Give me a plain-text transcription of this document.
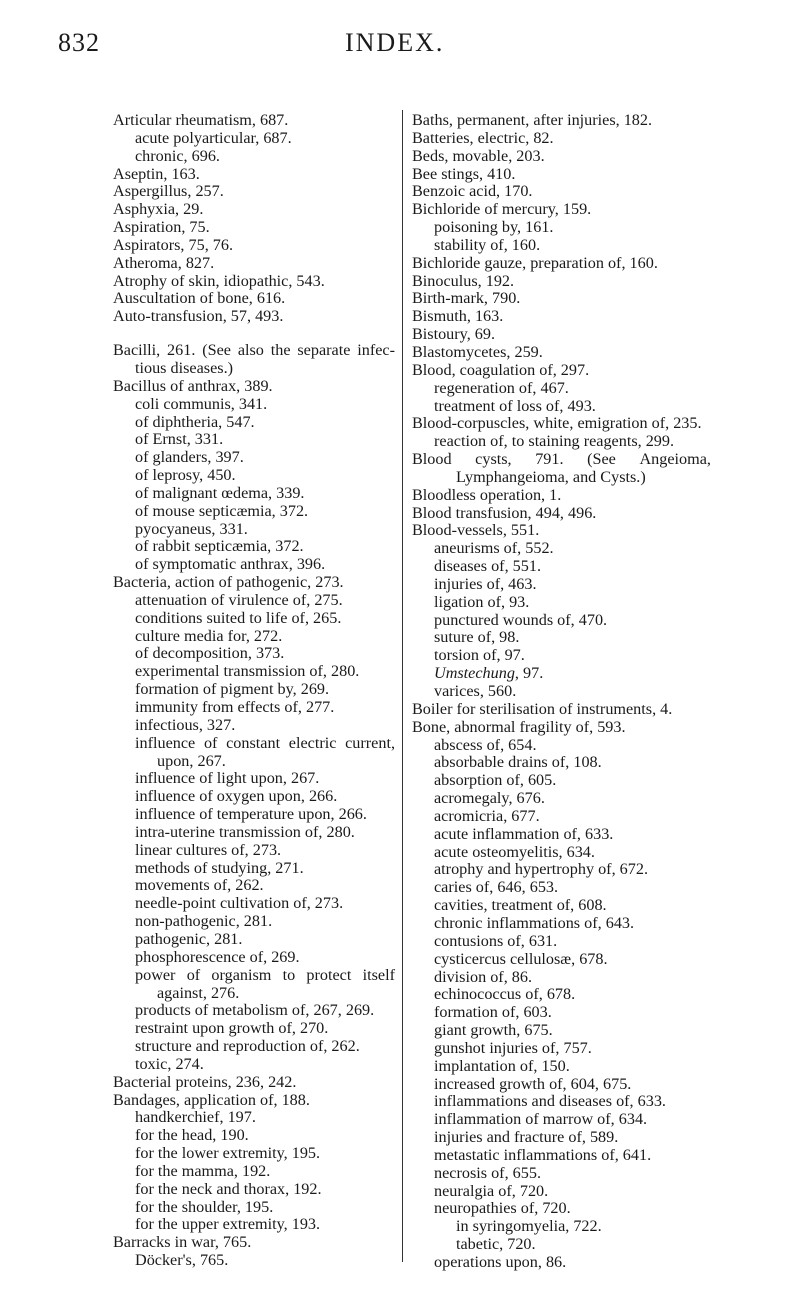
832	INDEX.
Articular rheumatism, 687.
acute polyarticular, 687.
chronic, 696.
Aseptin, 163.
Aspergillus, 257.
Asphyxia, 29.
Aspiration, 75.
Aspirators, 75, 76.
Atheroma, 827.
Atrophy of skin, idiopathic, 543.
Auscultation of bone, 616.
Auto-transfusion, 57, 493.
Bacilli, 261. (See also the separate infec-
tious diseases.)
Bacillus of anthrax, 389.
coli communis, 341.
of diphtheria, 547.
of Ernst, 331.
of glanders, 397.
of leprosy, 450.
of malignant œdema, 339.
of mouse septicæmia, 372.
pyocyaneus, 331.
of rabbit septicæmia, 372.
of symptomatic anthrax, 396.
Bacteria, action of pathogenic, 273.
attenuation of virulence of, 275.
conditions suited to life of, 265.
culture media for, 272.
of decomposition, 373.
experimental transmission of, 280.
formation of pigment by, 269.
immunity from effects of, 277.
infectious, 327.
influence of constant electric current,
upon, 267.
influence of light upon, 267.
influence of oxygen upon, 266.
influence of temperature upon, 266.
intra-uterine transmission of, 280.
linear cultures of, 273.
methods of studying, 271.
movements of, 262.
needle-point cultivation of, 273.
non-pathogenic, 281.
pathogenic, 281.
phosphorescence of, 269.
power of organism to protect itself
against, 276.
products of metabolism of, 267, 269.
restraint upon growth of, 270.
structure and reproduction of, 262.
toxic, 274.
Bacterial proteins, 236, 242.
Bandages, application of, 188.
handkerchief, 197.
for the head, 190.
for the lower extremity, 195.
for the mamma, 192.
for the neck and thorax, 192.
for the shoulder, 195.
for the upper extremity, 193.
Barracks in war, 765.
Döcker's, 765.
Baths, permanent, after injuries, 182.
Batteries, electric, 82.
Beds, movable, 203.
Bee stings, 410.
Benzoic acid, 170.
Bichloride of mercury, 159.
poisoning by, 161.
stability of, 160.
Bichloride gauze, preparation of, 160.
Binoculus, 192.
Birth-mark, 790.
Bismuth, 163.
Bistoury, 69.
Blastomycetes, 259.
Blood, coagulation of, 297.
regeneration of, 467.
treatment of loss of, 493.
Blood-corpuscles, white, emigration of, 235.
reaction of, to staining reagents, 299.
Blood cysts, 791. (See Angeioma,
Lymphangeioma, and Cysts.)
Bloodless operation, 1.
Blood transfusion, 494, 496.
Blood-vessels, 551.
aneurisms of, 552.
diseases of, 551.
injuries of, 463.
ligation of, 93.
punctured wounds of, 470.
suture of, 98.
torsion of, 97.
Umstechung, 97.
varices, 560.
Boiler for sterilisation of instruments, 4.
Bone, abnormal fragility of, 593.
abscess of, 654.
absorbable drains of, 108.
absorption of, 605.
acromegaly, 676.
acromicria, 677.
acute inflammation of, 633.
acute osteomyelitis, 634.
atrophy and hypertrophy of, 672.
caries of, 646, 653.
cavities, treatment of, 608.
chronic inflammations of, 643.
contusions of, 631.
cysticercus cellulosæ, 678.
division of, 86.
echinococcus of, 678.
formation of, 603.
giant growth, 675.
gunshot injuries of, 757.
implantation of, 150.
increased growth of, 604, 675.
inflammations and diseases of, 633.
inflammation of marrow of, 634.
injuries and fracture of, 589.
metastatic inflammations of, 641.
necrosis of, 655.
neuralgia of, 720.
neuropathies of, 720.
in syringomyelia, 722.
tabetic, 720.
operations upon, 86.
